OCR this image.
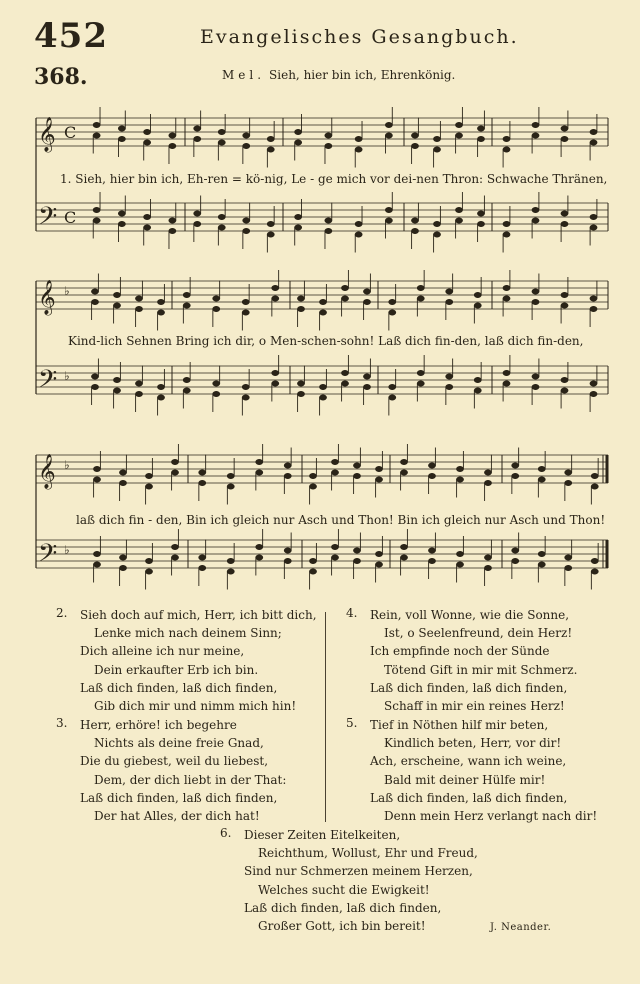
452	Evangelisches Gesangbuch.
368.	Mel. Sieh, hier bin ich, Ehrenkönig.
𝄞 C
𝄢 C
𝄞 ♭
𝄢 ♭
𝄞 ♭
𝄢 ♭
1. Sieh, hier bin ich, Eh-ren = kö-nig, Le - ge mich vor dei-nen Thron: Schwache Thränen,
Kind-lich Sehnen Bring ich dir, o Men-schen-sohn! Laß dich fin-den, laß dich fin-den,
laß dich fin - den, Bin ich gleich nur Asch und Thon! Bin ich gleich nur Asch und Thon!
2. Sieh doch auf mich, Herr, ich bitt dich,
Lenke mich nach deinem Sinn;
Dich alleine ich nur meine,
Dein erkaufter Erb ich bin.
Laß dich finden, laß dich finden,
Gib dich mir und nimm mich hin!
3. Herr, erhöre! ich begehre
Nichts als deine freie Gnad,
Die du giebest, weil du liebest,
Dem, der dich liebt in der That:
Laß dich finden, laß dich finden,
Der hat Alles, der dich hat!
4. Rein, voll Wonne, wie die Sonne,
Ist, o Seelenfreund, dein Herz!
Ich empfinde noch der Sünde
Tötend Gift in mir mit Schmerz.
Laß dich finden, laß dich finden,
Schaff in mir ein reines Herz!
5. Tief in Nöthen hilf mir beten,
Kindlich beten, Herr, vor dir!
Ach, erscheine, wann ich weine,
Bald mit deiner Hülfe mir!
Laß dich finden, laß dich finden,
Denn mein Herz verlangt nach dir!
6. Dieser Zeiten Eitelkeiten,
Reichthum, Wollust, Ehr und Freud,
Sind nur Schmerzen meinem Herzen,
Welches sucht die Ewigkeit!
Laß dich finden, laß dich finden,
Großer Gott, ich bin bereit!	J. Neander.
